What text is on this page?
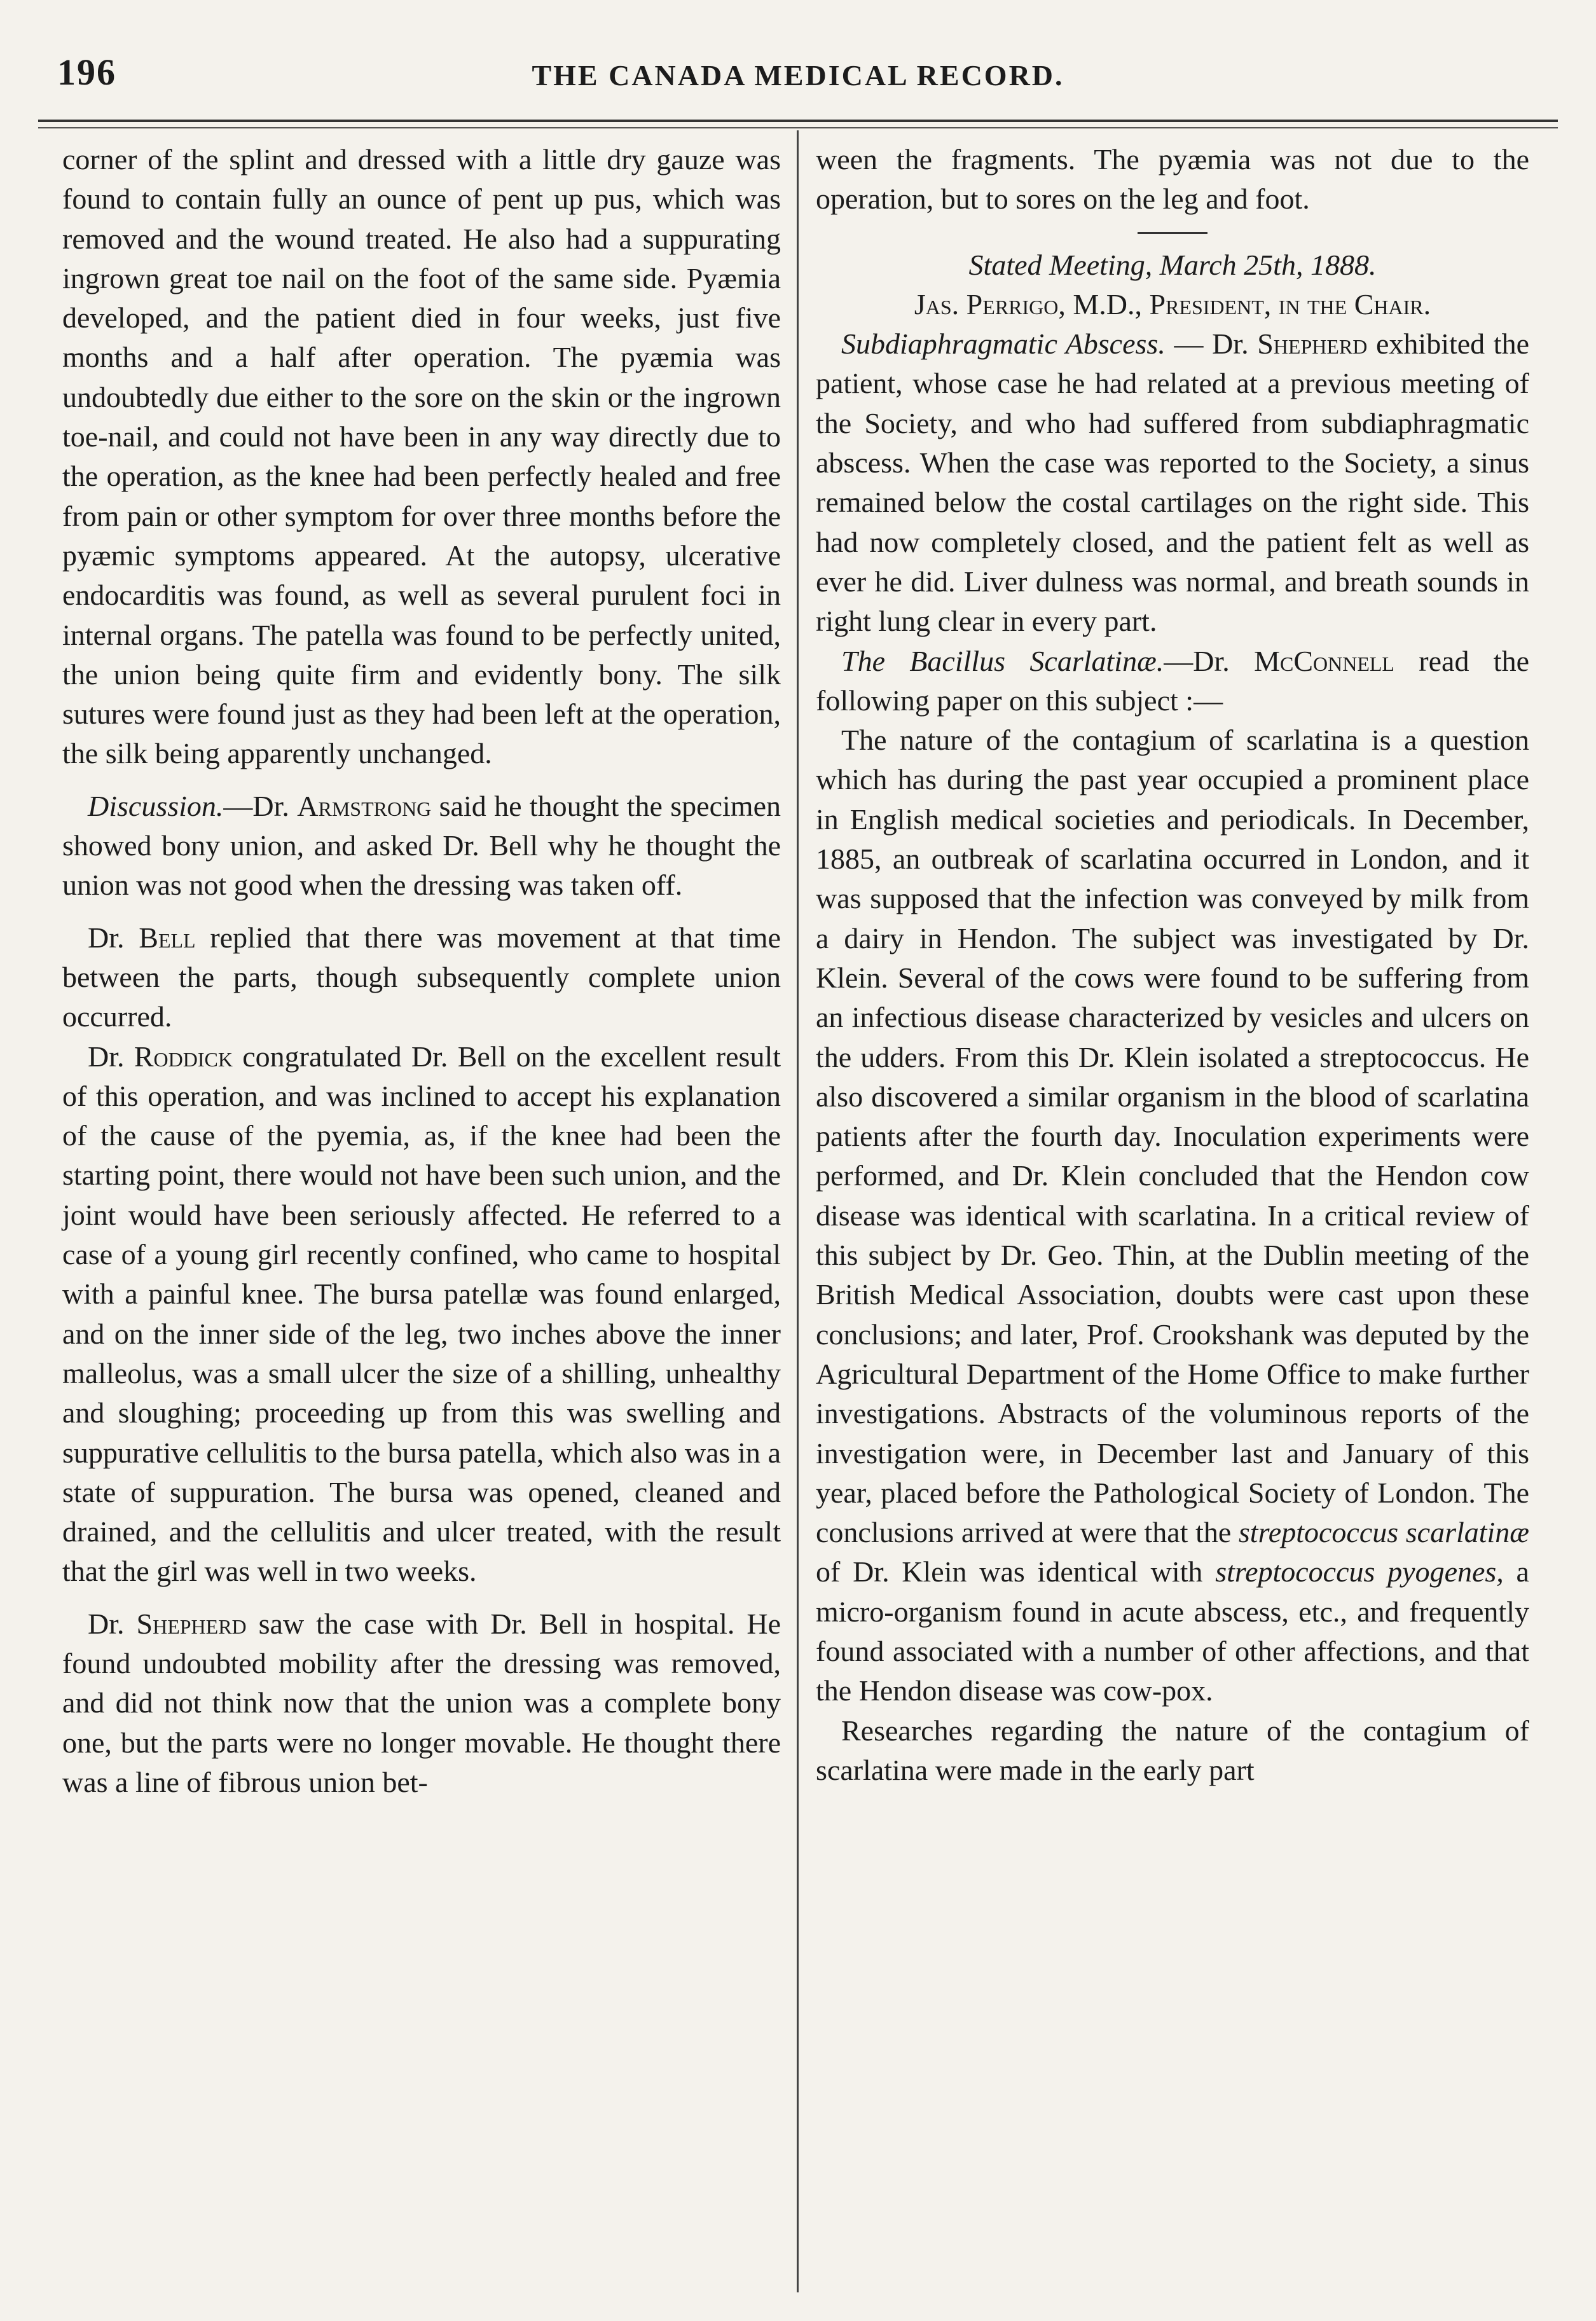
196	THE CANADA MEDICAL RECORD.

corner of the splint and dressed with a little dry gauze was found to contain fully an ounce of pent up pus, which was removed and the wound treated. He also had a suppurating ingrown great toe nail on the foot of the same side. Pyæmia developed, and the patient died in four weeks, just five months and a half after operation. The pyæmia was undoubtedly due either to the sore on the skin or the ingrown toe-nail, and could not have been in any way directly due to the operation, as the knee had been perfectly healed and free from pain or other symptom for over three months before the pyæmic symptoms appeared. At the autopsy, ulcerative endocarditis was found, as well as several purulent foci in internal organs. The patella was found to be perfectly united, the union being quite firm and evidently bony. The silk sutures were found just as they had been left at the operation, the silk being apparently unchanged.

Discussion.—Dr. Armstrong said he thought the specimen showed bony union, and asked Dr. Bell why he thought the union was not good when the dressing was taken off.

Dr. Bell replied that there was movement at that time between the parts, though subsequently complete union occurred.

Dr. Roddick congratulated Dr. Bell on the excellent result of this operation, and was inclined to accept his explanation of the cause of the pyemia, as, if the knee had been the starting point, there would not have been such union, and the joint would have been seriously affected. He referred to a case of a young girl recently confined, who came to hospital with a painful knee. The bursa patellæ was found enlarged, and on the inner side of the leg, two inches above the inner malleolus, was a small ulcer the size of a shilling, unhealthy and sloughing; proceeding up from this was swelling and suppurative cellulitis to the bursa patella, which also was in a state of suppuration. The bursa was opened, cleaned and drained, and the cellulitis and ulcer treated, with the result that the girl was well in two weeks.

Dr. Shepherd saw the case with Dr. Bell in hospital. He found undoubted mobility after the dressing was removed, and did not think now that the union was a complete bony one, but the parts were no longer movable. He thought there was a line of fibrous union bet-

ween the fragments. The pyæmia was not due to the operation, but to sores on the leg and foot.

Stated Meeting, March 25th, 1888.

Jas. Perrigo, M.D., President, in the Chair.

Subdiaphragmatic Abscess. — Dr. Shepherd exhibited the patient, whose case he had related at a previous meeting of the Society, and who had suffered from subdiaphragmatic abscess. When the case was reported to the Society, a sinus remained below the costal cartilages on the right side. This had now completely closed, and the patient felt as well as ever he did. Liver dulness was normal, and breath sounds in right lung clear in every part.

The Bacillus Scarlatinæ.—Dr. McConnell read the following paper on this subject :—

The nature of the contagium of scarlatina is a question which has during the past year occupied a prominent place in English medical societies and periodicals. In December, 1885, an outbreak of scarlatina occurred in London, and it was supposed that the infection was conveyed by milk from a dairy in Hendon. The subject was investigated by Dr. Klein. Several of the cows were found to be suffering from an infectious disease characterized by vesicles and ulcers on the udders. From this Dr. Klein isolated a streptococcus. He also discovered a similar organism in the blood of scarlatina patients after the fourth day. Inoculation experiments were performed, and Dr. Klein concluded that the Hendon cow disease was identical with scarlatina. In a critical review of this subject by Dr. Geo. Thin, at the Dublin meeting of the British Medical Association, doubts were cast upon these conclusions; and later, Prof. Crookshank was deputed by the Agricultural Department of the Home Office to make further investigations. Abstracts of the voluminous reports of the investigation were, in December last and January of this year, placed before the Pathological Society of London. The conclusions arrived at were that the streptococcus scarlatinæ of Dr. Klein was identical with streptococcus pyogenes, a micro-organism found in acute abscess, etc., and frequently found associated with a number of other affections, and that the Hendon disease was cow-pox.

Researches regarding the nature of the contagium of scarlatina were made in the early part
